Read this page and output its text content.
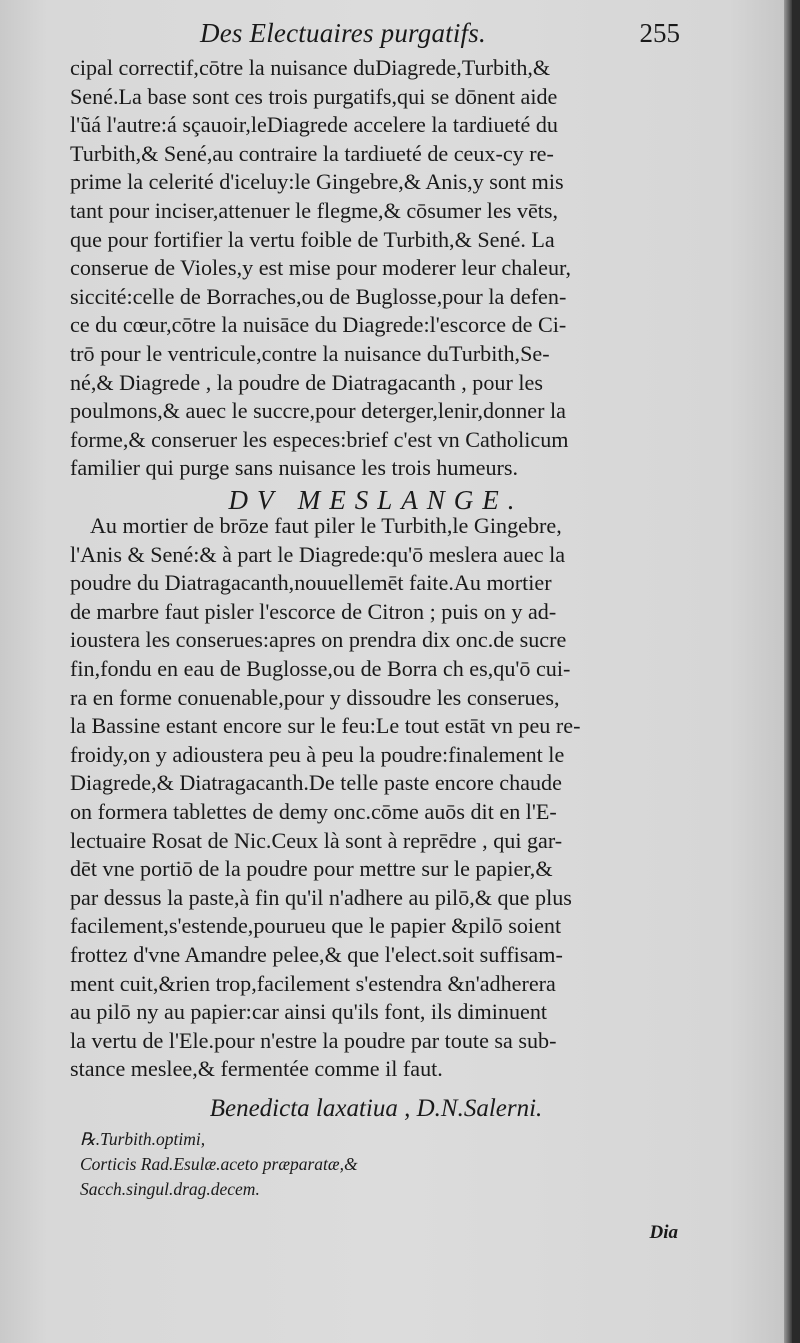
Des Electuaires purgatifs.	255
cipal correctif,cōtre la nuisance duDiagrede,Turbith,&
Sené.La base sont ces trois purgatifs,qui se dōnent aide
l'ũá l'autre:á sçauoir,leDiagrede accelere la tardiueté du
Turbith,& Sené,au contraire la tardiueté de ceux-cy re-
prime la celerité d'iceluy:le Gingebre,& Anis,y sont mis
tant pour inciser,attenuer le flegme,& cōsumer les vēts,
que pour fortifier la vertu foible de Turbith,& Sené. La
conserue de Violes,y est mise pour moderer leur chaleur,
siccité:celle de Borraches,ou de Buglosse,pour la defen-
ce du cœur,cōtre la nuisāce du Diagrede:l'escorce de Ci-
trō pour le ventricule,contre la nuisance duTurbith,Se-
né,& Diagrede , la poudre de Diatragacanth , pour les
poulmons,& auec le succre,pour deterger,lenir,donner la
forme,& conseruer les especes:brief c'est vn Catholicum
familier qui purge sans nuisance les trois humeurs.
DV MESLANGE.
Au mortier de brōze faut piler le Turbith,le Gingebre,
l'Anis & Sené:& à part le Diagrede:qu'ō meslera auec la
poudre du Diatragacanth,nouuellemēt faite.Au mortier
de marbre faut pisler l'escorce de Citron ; puis on y ad-
ioustera les conserues:apres on prendra dix onc.de sucre
fin,fondu en eau de Buglosse,ou de Borra ch es,qu'ō cui-
ra en forme conuenable,pour y dissoudre les conserues,
la Bassine estant encore sur le feu:Le tout estāt vn peu re-
froidy,on y adioustera peu à peu la poudre:finalement le
Diagrede,& Diatragacanth.De telle paste encore chaude
on formera tablettes de demy onc.cōme auōs dit en l'E-
lectuaire Rosat de Nic.Ceux là sont à reprēdre , qui gar-
dēt vne portiō de la poudre pour mettre sur le papier,&
par dessus la paste,à fin qu'il n'adhere au pilō,& que plus
facilement,s'estende,pourueu que le papier &pilō soient
frottez d'vne Amandre pelee,& que l'elect.soit suffisam-
ment cuit,&rien trop,facilement s'estendra &n'adherera
au pilō ny au papier:car ainsi qu'ils font, ils diminuent
la vertu de l'Ele.pour n'estre la poudre par toute sa sub-
stance meslee,& fermentée comme il faut.
Benedicta laxatiua , D.N.Salerni.
℞.Turbith.optimi,
Corticis Rad.Esulæ.aceto præparatæ,&
Sacch.singul.drag.decem.
Dia
